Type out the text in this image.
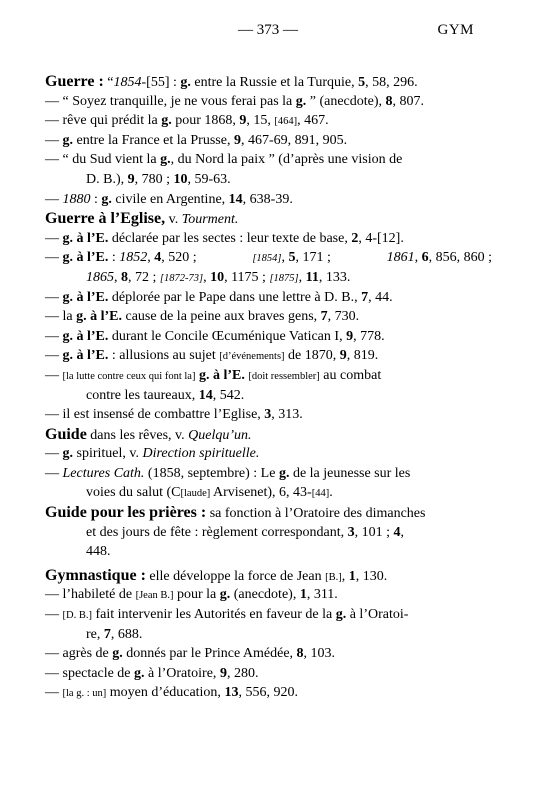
— 373 —	GYM
Guerre : “1854-[55] : g. entre la Russie et la Turquie, 5, 58, 296.
— “ Soyez tranquille, je ne vous ferai pas la g. ” (anecdote), 8, 807.
— rêve qui prédit la g. pour 1868, 9, 15, [464], 467.
— g. entre la France et la Prusse, 9, 467-69, 891, 905.
— “ du Sud vient la g., du Nord la paix ” (d’après une vision de
D. B.), 9, 780 ; 10, 59-63.
— 1880 : g. civile en Argentine, 14, 638-39.
Guerre à l’Eglise, v. Tourment.
— g. à l’E. déclarée par les sectes : leur texte de base, 2, 4-[12].
— g. à l’E. : 1852, 4, 520 ;	[1854], 5, 171 ;	1861, 6, 856, 860 ;
1865, 8, 72 ; [1872-73], 10, 1175 ; [1875], 11, 133.
— g. à l’E. déplorée par le Pape dans une lettre à D. B., 7, 44.
— la g. à l’E. cause de la peine aux braves gens, 7, 730.
— g. à l’E. durant le Concile Œcuménique Vatican I, 9, 778.
— g. à l’E. : allusions au sujet [d’événements] de 1870, 9, 819.
— [la lutte contre ceux qui font la] g. à l’E. [doit ressembler] au combat
contre les taureaux, 14, 542.
— il est insensé de combattre l’Eglise, 3, 313.
Guide dans les rêves, v. Quelqu’un.
— g. spirituel, v. Direction spirituelle.
— Lectures Cath. (1858, septembre) : Le g. de la jeunesse sur les
voies du salut (C[laude] Arvisenet), 6, 43-[44].
Guide pour les prières : sa fonction à l’Oratoire des dimanches
et des jours de fête : règlement correspondant, 3, 101 ; 4,
448.
Gymnastique : elle développe la force de Jean [B.], 1, 130.
— l’habileté de [Jean B.] pour la g. (anecdote), 1, 311.
— [D. B.] fait intervenir les Autorités en faveur de la g. à l’Oratoi-
re, 7, 688.
— agrès de g. donnés par le Prince Amédée, 8, 103.
— spectacle de g. à l’Oratoire, 9, 280.
— [la g. : un] moyen d’éducation, 13, 556, 920.
